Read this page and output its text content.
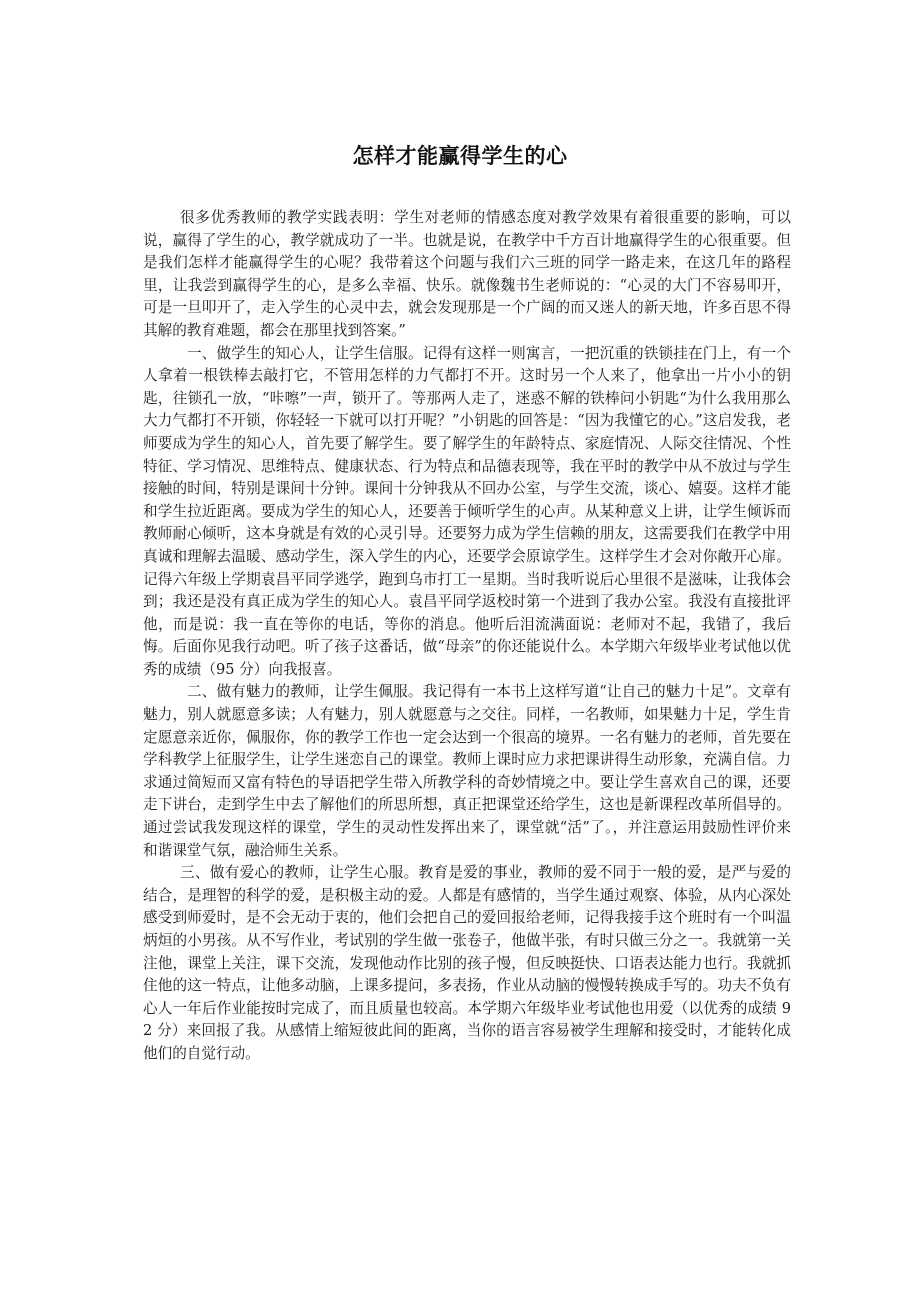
怎样才能赢得学生的心

很多优秀教师的教学实践表明：学生对老师的情感态度对教学效果有着很重要的影响，可以说，赢得了学生的心，教学就成功了一半。也就是说，在教学中千方百计地赢得学生的心很重要。但是我们怎样才能赢得学生的心呢？我带着这个问题与我们六三班的同学一路走来，在这几年的路程里，让我尝到赢得学生的心，是多么幸福、快乐。就像魏书生老师说的：“心灵的大门不容易叩开，可是一旦叩开了，走入学生的心灵中去，就会发现那是一个广阔的而又迷人的新天地，许多百思不得其解的教育难题，都会在那里找到答案。”

一、做学生的知心人，让学生信服。记得有这样一则寓言，一把沉重的铁锁挂在门上，有一个人拿着一根铁棒去敲打它，不管用怎样的力气都打不开。这时另一个人来了，他拿出一片小小的钥匙，往锁孔一放，“咔嚓”一声，锁开了。等那两人走了，迷惑不解的铁棒问小钥匙“为什么我用那么大力气都打不开锁，你轻轻一下就可以打开呢？”小钥匙的回答是：“因为我懂它的心。”这启发我，老师要成为学生的知心人，首先要了解学生。要了解学生的年龄特点、家庭情况、人际交往情况、个性特征、学习情况、思维特点、健康状态、行为特点和品德表现等，我在平时的教学中从不放过与学生接触的时间，特别是课间十分钟。课间十分钟我从不回办公室，与学生交流，谈心、嬉耍。这样才能和学生拉近距离。要成为学生的知心人，还要善于倾听学生的心声。从某种意义上讲，让学生倾诉而教师耐心倾听，这本身就是有效的心灵引导。还要努力成为学生信赖的朋友，这需要我们在教学中用真诚和理解去温暖、感动学生，深入学生的内心，还要学会原谅学生。这样学生才会对你敞开心扉。记得六年级上学期袁昌平同学逃学，跑到乌市打工一星期。当时我听说后心里很不是滋味，让我体会到；我还是没有真正成为学生的知心人。袁昌平同学返校时第一个进到了我办公室。我没有直接批评他，而是说：我一直在等你的电话，等你的消息。他听后泪流满面说：老师对不起，我错了，我后悔。后面你见我行动吧。听了孩子这番话，做“母亲”的你还能说什么。本学期六年级毕业考试他以优秀的成绩（95 分）向我报喜。

二、做有魅力的教师，让学生佩服。我记得有一本书上这样写道“让自己的魅力十足”。文章有魅力，别人就愿意多读；人有魅力，别人就愿意与之交往。同样，一名教师，如果魅力十足，学生肯定愿意亲近你，佩服你，你的教学工作也一定会达到一个很高的境界。一名有魅力的老师，首先要在学科教学上征服学生，让学生迷恋自己的课堂。教师上课时应力求把课讲得生动形象，充满自信。力求通过简短而又富有特色的导语把学生带入所教学科的奇妙情境之中。要让学生喜欢自己的课，还要走下讲台，走到学生中去了解他们的所思所想，真正把课堂还给学生，这也是新课程改革所倡导的。通过尝试我发现这样的课堂，学生的灵动性发挥出来了，课堂就“活”了。，并注意运用鼓励性评价来和谐课堂气氛，融洽师生关系。

三、做有爱心的教师，让学生心服。教育是爱的事业，教师的爱不同于一般的爱，是严与爱的结合，是理智的科学的爱，是积极主动的爱。人都是有感情的，当学生通过观察、体验，从内心深处感受到师爱时，是不会无动于衷的，他们会把自己的爱回报给老师，记得我接手这个班时有一个叫温炳烜的小男孩。从不写作业，考试别的学生做一张卷子，他做半张，有时只做三分之一。我就第一关注他，课堂上关注，课下交流，发现他动作比别的孩子慢，但反映挺快、口语表达能力也行。我就抓住他的这一特点，让他多动脑，上课多提问，多表扬，作业从动脑的慢慢转换成手写的。功夫不负有心人一年后作业能按时完成了，而且质量也较高。本学期六年级毕业考试他也用爱（以优秀的成绩 92 分）来回报了我。从感情上缩短彼此间的距离，当你的语言容易被学生理解和接受时，才能转化成他们的自觉行动。
